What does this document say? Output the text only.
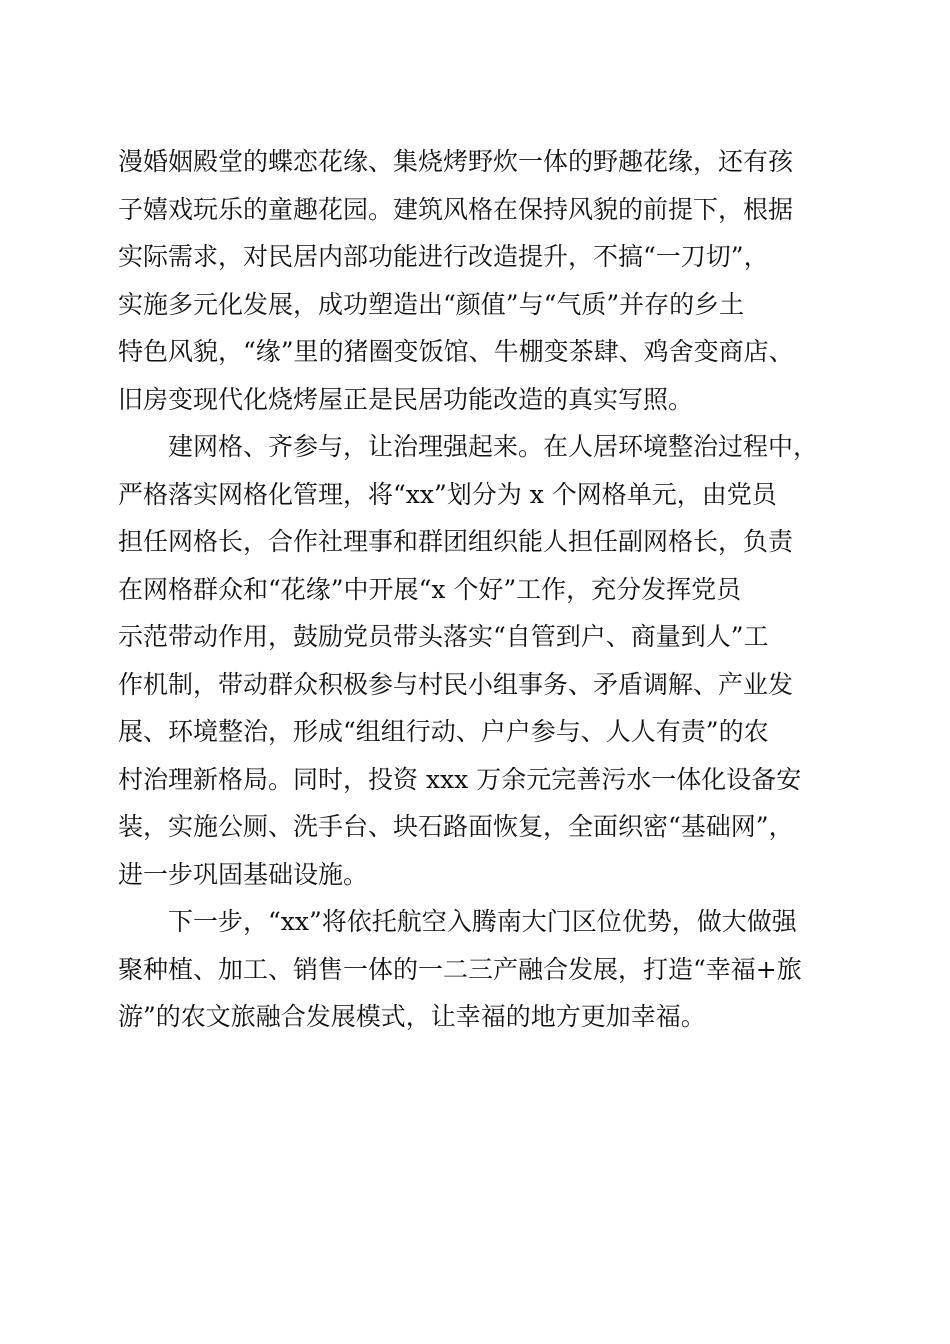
漫婚姻殿堂的蝶恋花缘、集烧烤野炊一体的野趣花缘，还有孩
子嬉戏玩乐的童趣花园。建筑风格在保持风貌的前提下，根据
实际需求，对民居内部功能进行改造提升，不搞“一刀切”，
实施多元化发展，成功塑造出“颜值”与“气质”并存的乡土
特色风貌，“缘”里的猪圈变饭馆、牛棚变茶肆、鸡舍变商店、
旧房变现代化烧烤屋正是民居功能改造的真实写照。
　　建网格、齐参与，让治理强起来。在人居环境整治过程中，
严格落实网格化管理，将“xx”划分为 x 个网格单元，由党员
担任网格长，合作社理事和群团组织能人担任副网格长，负责
在网格群众和“花缘”中开展“x 个好”工作，充分发挥党员
示范带动作用，鼓励党员带头落实“自管到户、商量到人”工
作机制，带动群众积极参与村民小组事务、矛盾调解、产业发
展、环境整治，形成“组组行动、户户参与、人人有责”的农
村治理新格局。同时，投资 xxx 万余元完善污水一体化设备安
装，实施公厕、洗手台、块石路面恢复，全面织密“基础网”，
进一步巩固基础设施。
　　下一步，“xx”将依托航空入腾南大门区位优势，做大做强
聚种植、加工、销售一体的一二三产融合发展，打造“幸福+旅
游”的农文旅融合发展模式，让幸福的地方更加幸福。
